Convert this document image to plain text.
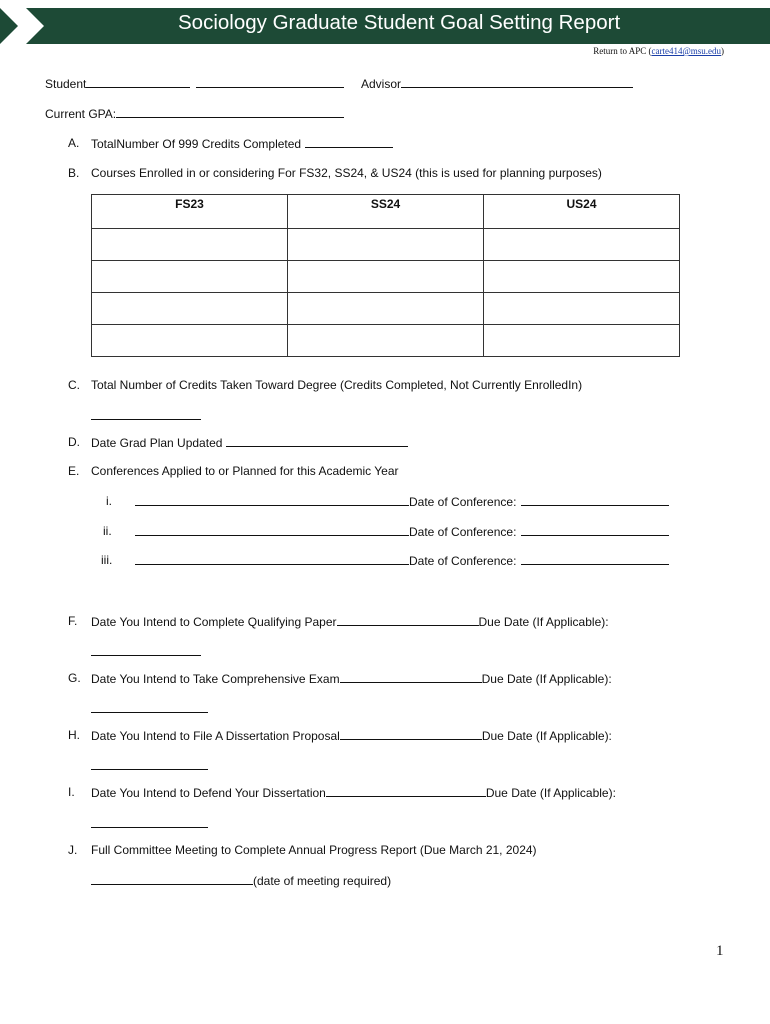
Sociology Graduate Student Goal Setting Report
Return to APC (carte414@msu.edu)
Student	Advisor
Current GPA:
A. TotalNumber Of 999 Credits Completed
B. Courses Enrolled in or considering For FS32, SS24, & US24 (this is used for planning purposes)
FS23	SS24	US24

C. Total Number of Credits Taken Toward Degree (Credits Completed, Not Currently EnrolledIn)
D. Date Grad Plan Updated
E. Conferences Applied to or Planned for this Academic Year
i.	Date of Conference:
ii.	Date of Conference:
iii.	Date of Conference:
F. Date You Intend to Complete Qualifying Paper	Due Date (If Applicable):
G. Date You Intend to Take Comprehensive Exam	Due Date (If Applicable):
H. Date You Intend to File A Dissertation Proposal	Due Date (If Applicable):
I. Date You Intend to Defend Your Dissertation	Due Date (If Applicable):
J. Full Committee Meeting to Complete Annual Progress Report (Due March 21, 2024)
(date of meeting required)
1
